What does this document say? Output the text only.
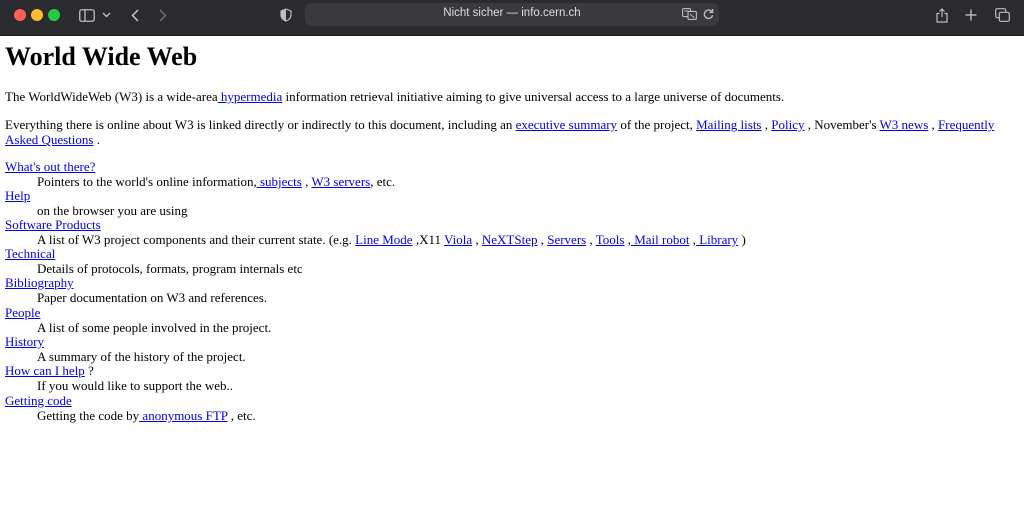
Nicht sicher — info.cern.ch
World Wide Web

The WorldWideWeb (W3) is a wide-area hypermedia information retrieval initiative aiming to give universal access to a large universe of documents.

Everything there is online about W3 is linked directly or indirectly to this document, including an executive summary of the project, Mailing lists , Policy , November's W3 news , Frequently
Asked Questions .

What's out there?
Pointers to the world's online information, subjects , W3 servers, etc.
Help
on the browser you are using
Software Products
A list of W3 project components and their current state. (e.g. Line Mode ,X11 Viola , NeXTStep , Servers , Tools , Mail robot , Library )
Technical
Details of protocols, formats, program internals etc
Bibliography
Paper documentation on W3 and references.
People
A list of some people involved in the project.
History
A summary of the history of the project.
How can I help ?
If you would like to support the web..
Getting code
Getting the code by anonymous FTP , etc.
